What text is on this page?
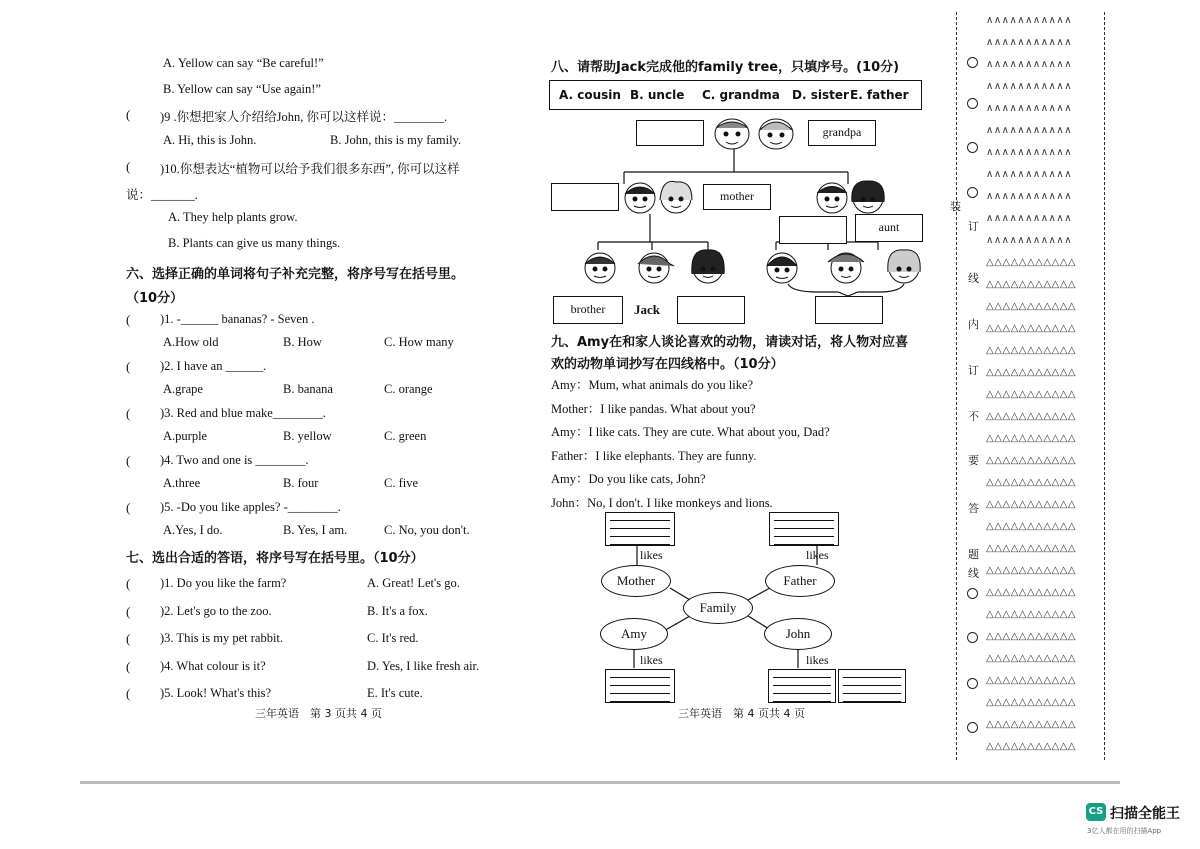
A. Yellow can say “Be careful!”
B. Yellow can say “Use again!”
( )9 .你想把家人介绍给John, 你可以这样说：________.
A. Hi, this is John.	B. John, this is my family.
( )10.你想表达“植物可以给予我们很多东西”, 你可以这样
说：_______.
A. They help plants grow.
B. Plants can give us many things.
六、选择正确的单词将句子补充完整，将序号写在括号里。
（10分）
( )1. -______ bananas? - Seven .
A.How old	B. How	C. How many
( )2. I have an ______.
A.grape	B. banana	C. orange
( )3. Red and blue make________.
A.purple	B. yellow	C. green
( )4. Two and one is ________.
A.three	B. four	C. five
( )5. -Do you like apples? -________.
A.Yes, I do.	B. Yes, I am.	C. No, you don't.
七、选出合适的答语，将序号写在括号里。（10分）
( )1. Do you like the farm?	A. Great! Let's go.
( )2. Let's go to the zoo.	B. It's a fox.
( )3. This is my pet rabbit.	C. It's red.
( )4. What colour is it?	D. Yes, I like fresh air.
( )5. Look! What's this?	E. It's cute.
三年英语　第 3 页共 4 页
八、请帮助Jack完成他的family tree，只填序号。(10分)
A. cousin B. uncle C. grandma D. sister E. father
grandpa
mother
aunt
brother	Jack
九、Amy在和家人谈论喜欢的动物，请读对话，将人物对应喜
欢的动物单词抄写在四线格中。（10分）
Amy：Mum, what animals do you like?
Mother：I like pandas. What about you?
Amy：I like cats. They are cute. What about you, Dad?
Father：I like elephants. They are funny.
Amy：Do you like cats, John?
John：No, I don't. I like monkeys and lions.
likes	likes
Mother	Father
Family
Amy	John
likes	likes
三年英语　第 4 页共 4 页
装
订
线
内
订
不
要
答
题
线
∧∧∧∧∧∧∧∧∧∧∧
∧∧∧∧∧∧∧∧∧∧∧
∧∧∧∧∧∧∧∧∧∧∧
∧∧∧∧∧∧∧∧∧∧∧
∧∧∧∧∧∧∧∧∧∧∧
∧∧∧∧∧∧∧∧∧∧∧
∧∧∧∧∧∧∧∧∧∧∧
∧∧∧∧∧∧∧∧∧∧∧
∧∧∧∧∧∧∧∧∧∧∧
∧∧∧∧∧∧∧∧∧∧∧
∧∧∧∧∧∧∧∧∧∧∧
△△△△△△△△△△△
△△△△△△△△△△△
△△△△△△△△△△△
△△△△△△△△△△△
△△△△△△△△△△△
△△△△△△△△△△△
△△△△△△△△△△△
△△△△△△△△△△△
△△△△△△△△△△△
△△△△△△△△△△△
△△△△△△△△△△△
△△△△△△△△△△△
△△△△△△△△△△△
△△△△△△△△△△△
△△△△△△△△△△△
△△△△△△△△△△△
△△△△△△△△△△△
△△△△△△△△△△△
△△△△△△△△△△△
△△△△△△△△△△△
△△△△△△△△△△△
△△△△△△△△△△△
△△△△△△△△△△△
CS 扫描全能王
3亿人都在用的扫描App
